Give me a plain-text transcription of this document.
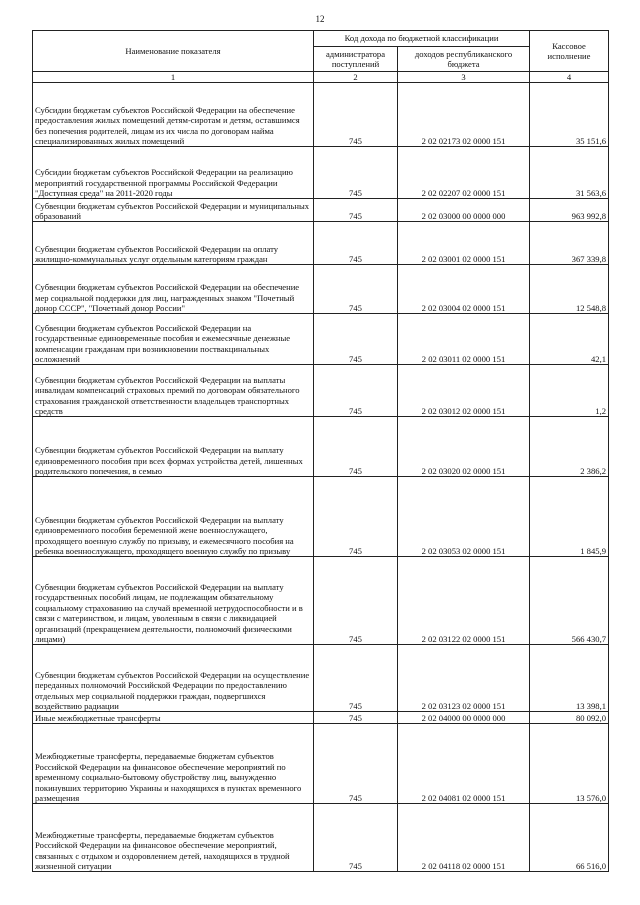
12
Наименование показателя	Код дохода по бюджетной классификации		Кассовое исполнение
	администратора поступлений	доходов республиканского бюджета	
1	2	3	4
Субсидии бюджетам субъектов Российской Федерации на обеспечение предоставления жилых помещений детям-сиротам и детям, оставшимся без попечения родителей, лицам из их числа по договорам найма специализированных жилых помещений	745	2 02 02173 02 0000 151	35 151,6
Субсидии бюджетам субъектов Российской Федерации на реализацию мероприятий государственной программы Российской Федерации "Доступная среда" на 2011-2020 годы	745	2 02 02207 02 0000 151	31 563,6
Субвенции бюджетам субъектов Российской Федерации и муниципальных образований	745	2 02 03000 00 0000 000	963 992,8
Субвенции бюджетам субъектов Российской Федерации на оплату жилищно-коммунальных услуг отдельным категориям граждан	745	2 02 03001 02 0000 151	367 339,8
Субвенции бюджетам субъектов Российской Федерации на обеспечение мер социальной поддержки для лиц, награжденных знаком "Почетный донор СССР", "Почетный донор России"	745	2 02 03004 02 0000 151	12 548,8
Субвенции бюджетам субъектов Российской Федерации на государственные единовременные пособия и ежемесячные денежные компенсации гражданам при возникновении поствакцинальных осложнений	745	2 02 03011 02 0000 151	42,1
Субвенции бюджетам субъектов Российской Федерации на выплаты инвалидам компенсаций страховых премий по договорам обязательного страхования гражданской ответственности владельцев транспортных средств	745	2 02 03012 02 0000 151	1,2
Субвенции бюджетам субъектов Российской Федерации на выплату единовременного пособия при всех формах устройства детей, лишенных родительского попечения, в семью	745	2 02 03020 02 0000 151	2 386,2
Субвенции бюджетам субъектов Российской Федерации на выплату единовременного пособия беременной жене военнослужащего, проходящего военную службу по призыву, и ежемесячного пособия на ребенка военнослужащего, проходящего военную службу по призыву	745	2 02 03053 02 0000 151	1 845,9
Субвенции бюджетам субъектов Российской Федерации на выплату государственных пособий лицам, не подлежащим обязательному социальному страхованию на случай временной нетрудоспособности и в связи с материнством, и лицам, уволенным в связи с ликвидацией организаций (прекращением деятельности, полномочий физическими лицами)	745	2 02 03122 02 0000 151	566 430,7
Субвенции бюджетам субъектов Российской Федерации на осуществление переданных полномочий Российской Федерации по предоставлению отдельных мер социальной поддержки граждан, подвергшихся воздействию радиации	745	2 02 03123 02 0000 151	13 398,1
Иные межбюджетные трансферты	745	2 02 04000 00 0000 000	80 092,0
Межбюджетные трансферты, передаваемые бюджетам субъектов Российской Федерации на финансовое обеспечение мероприятий по временному социально-бытовому обустройству лиц, вынужденно покинувших территорию Украины и находящихся в пунктах временного размещения	745	2 02 04081 02 0000 151	13 576,0
Межбюджетные трансферты, передаваемые бюджетам субъектов Российской Федерации на финансовое обеспечение мероприятий, связанных с отдыхом и оздоровлением детей, находящихся в трудной жизненной ситуации	745	2 02 04118 02 0000 151	66 516,0
